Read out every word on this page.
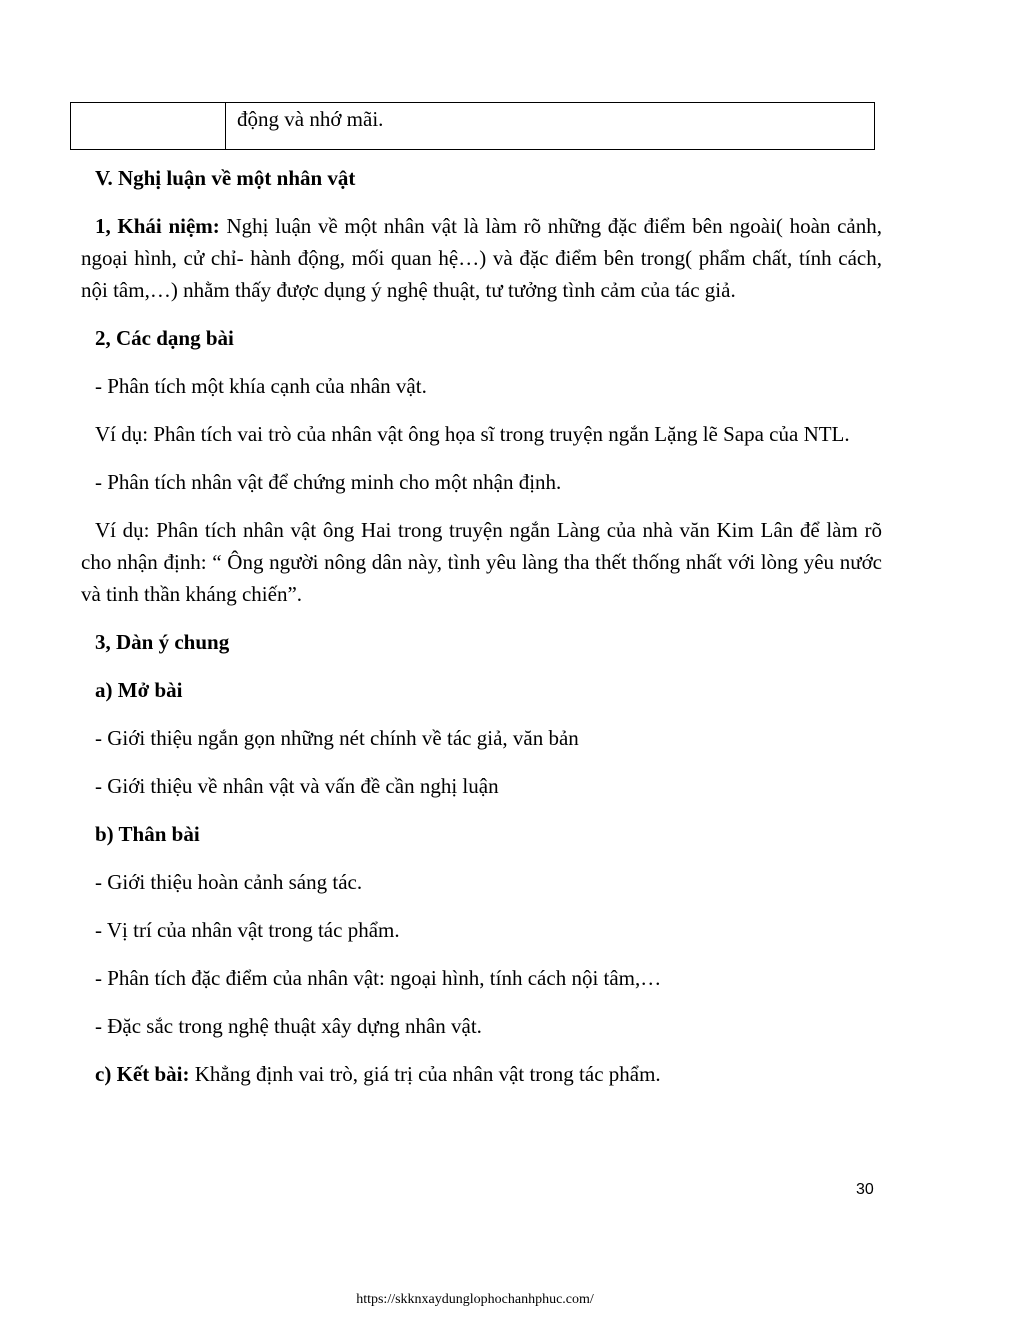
	động và nhớ mãi.

V. Nghị luận về một nhân vật

1, Khái niệm: Nghị luận về một nhân vật là làm rõ những đặc điểm bên ngoài( hoàn cảnh, ngoại hình, cử chỉ- hành động, mối quan hệ…) và đặc điểm bên trong( phẩm chất, tính cách, nội tâm,…) nhằm thấy được dụng ý nghệ thuật, tư tưởng tình cảm của tác giả.

2, Các dạng bài

- Phân tích một khía cạnh của nhân vật.

Ví dụ: Phân tích vai trò của nhân vật ông họa sĩ trong truyện ngắn Lặng lẽ Sapa của NTL.

- Phân tích nhân vật để chứng minh cho một nhận định.

Ví dụ: Phân tích nhân vật ông Hai trong truyện ngắn Làng của nhà văn Kim Lân để làm rõ cho nhận định: “ Ông người nông dân này, tình yêu làng tha thết thống nhất với lòng yêu nước và tinh thần kháng chiến”.

3, Dàn ý chung

a) Mở bài

- Giới thiệu ngắn gọn những nét chính về tác giả, văn bản

- Giới thiệu về nhân vật và vấn đề cần nghị luận

b) Thân bài

- Giới thiệu hoàn cảnh sáng tác.

- Vị trí của nhân vật trong tác phẩm.

- Phân tích đặc điểm của nhân vật: ngoại hình, tính cách nội tâm,…

- Đặc sắc trong nghệ thuật xây dựng nhân vật.

c) Kết bài: Khẳng định vai trò, giá trị của nhân vật trong tác phẩm.

30
https://skknxaydunglophochanhphuc.com/
